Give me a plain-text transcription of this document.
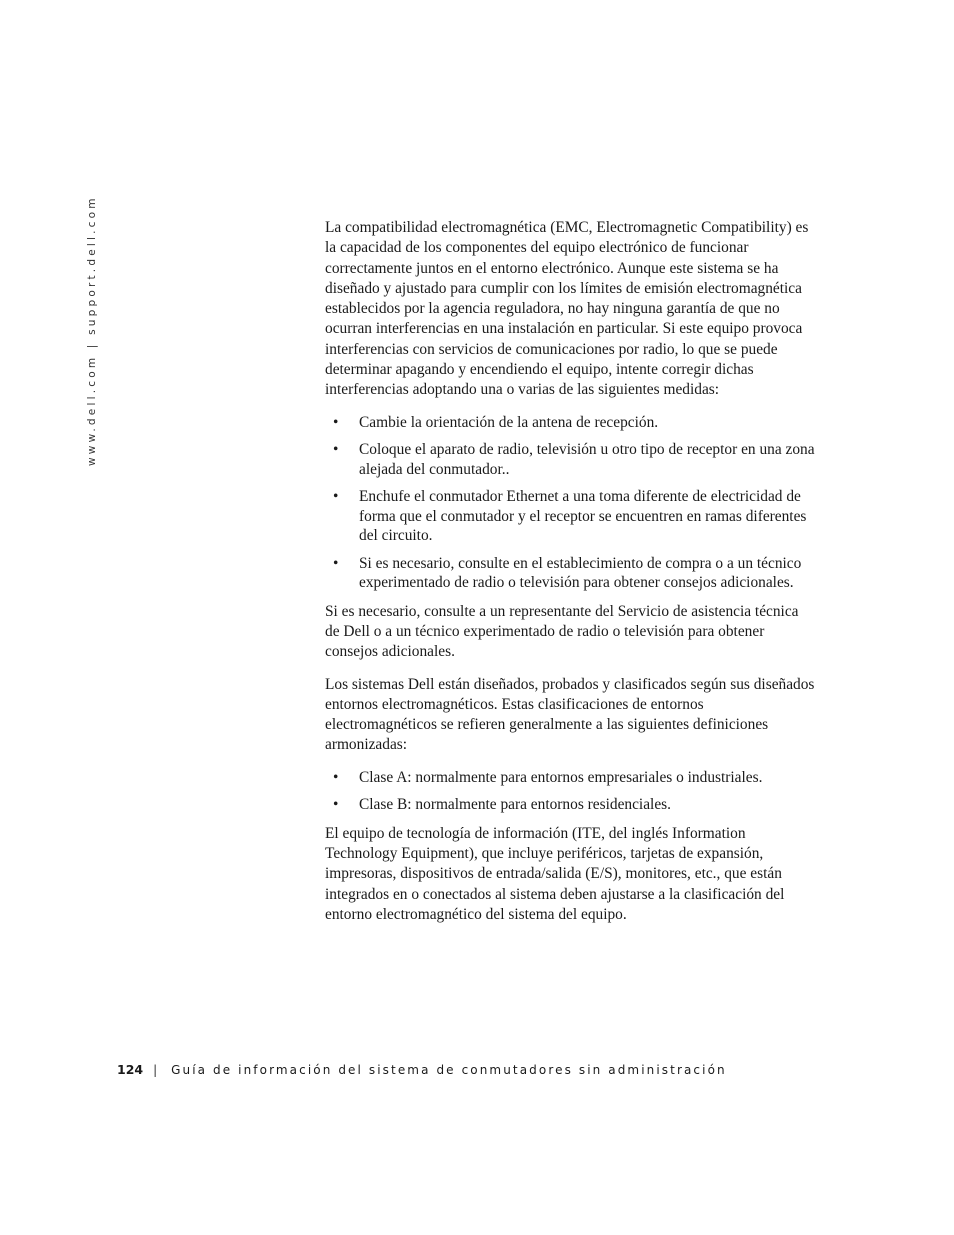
www.dell.com | support.dell.com	La compatibilidad electromagnética (EMC, Electromagnetic Compatibility) es la capacidad de los componentes del equipo electrónico de funcionar correctamente juntos en el entorno electrónico. Aunque este sistema se ha diseñado y ajustado para cumplir con los límites de emisión electromagnética establecidos por la agencia reguladora, no hay ninguna garantía de que no ocurran interferencias en una instalación en particular. Si este equipo provoca interferencias con servicios de comunicaciones por radio, lo que se puede determinar apagando y encendiendo el equipo, intente corregir dichas interferencias adoptando una o varias de las siguientes medidas:

• Cambie la orientación de la antena de recepción.
• Coloque el aparato de radio, televisión u otro tipo de receptor en una zona alejada del conmutador..
• Enchufe el conmutador Ethernet a una toma diferente de electricidad de forma que el conmutador y el receptor se encuentren en ramas diferentes del circuito.
• Si es necesario, consulte en el establecimiento de compra o a un técnico experimentado de radio o televisión para obtener consejos adicionales.

Si es necesario, consulte a un representante del Servicio de asistencia técnica de Dell o a un técnico experimentado de radio o televisión para obtener consejos adicionales.

Los sistemas Dell están diseñados, probados y clasificados según sus diseñados entornos electromagnéticos. Estas clasificaciones de entornos electromagnéticos se refieren generalmente a las siguientes definiciones armonizadas:

• Clase A: normalmente para entornos empresariales o industriales.
• Clase B: normalmente para entornos residenciales.

El equipo de tecnología de información (ITE, del inglés Information Technology Equipment), que incluye periféricos, tarjetas de expansión, impresoras, dispositivos de entrada/salida (E/S), monitores, etc., que están integrados en o conectados al sistema deben ajustarse a la clasificación del entorno electromagnético del sistema del equipo.

124 | Guía de información del sistema de conmutadores sin administración
